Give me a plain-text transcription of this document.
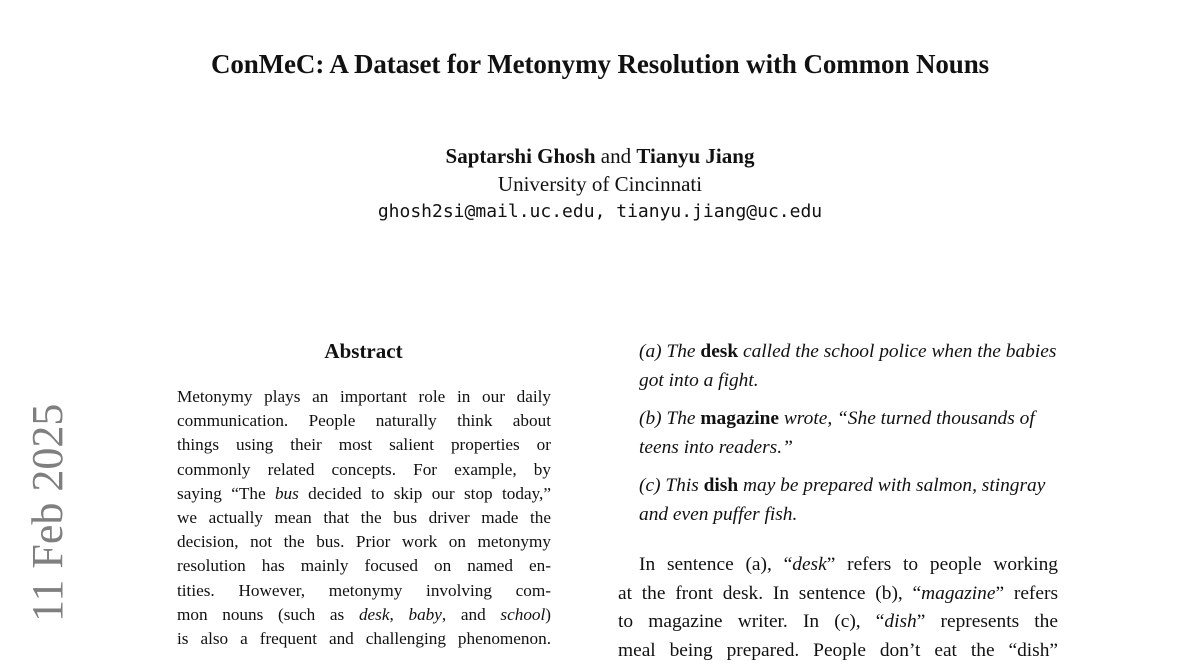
11 Feb 2025
ConMeC: A Dataset for Metonymy Resolution with Common Nouns
Saptarshi Ghosh and Tianyu Jiang
University of Cincinnati
ghosh2si@mail.uc.edu, tianyu.jiang@uc.edu
Abstract
Metonymy plays an important role in our daily
communication. People naturally think about
things using their most salient properties or
commonly related concepts. For example, by
saying “The bus decided to skip our stop today,”
we actually mean that the bus driver made the
decision, not the bus. Prior work on metonymy
resolution has mainly focused on named en-
tities. However, metonymy involving com-
mon nouns (such as desk, baby, and school)
is also a frequent and challenging phenomenon.
(a) The desk called the school police when the babies got into a fight.
(b) The magazine wrote, “She turned thousands of teens into readers.”
(c) This dish may be prepared with salmon, stingray and even puffer fish.
In sentence (a), “desk” refers to people working
at the front desk. In sentence (b), “magazine” refers
to magazine writer. In (c), “dish” represents the
meal being prepared. People don’t eat the “dish”
